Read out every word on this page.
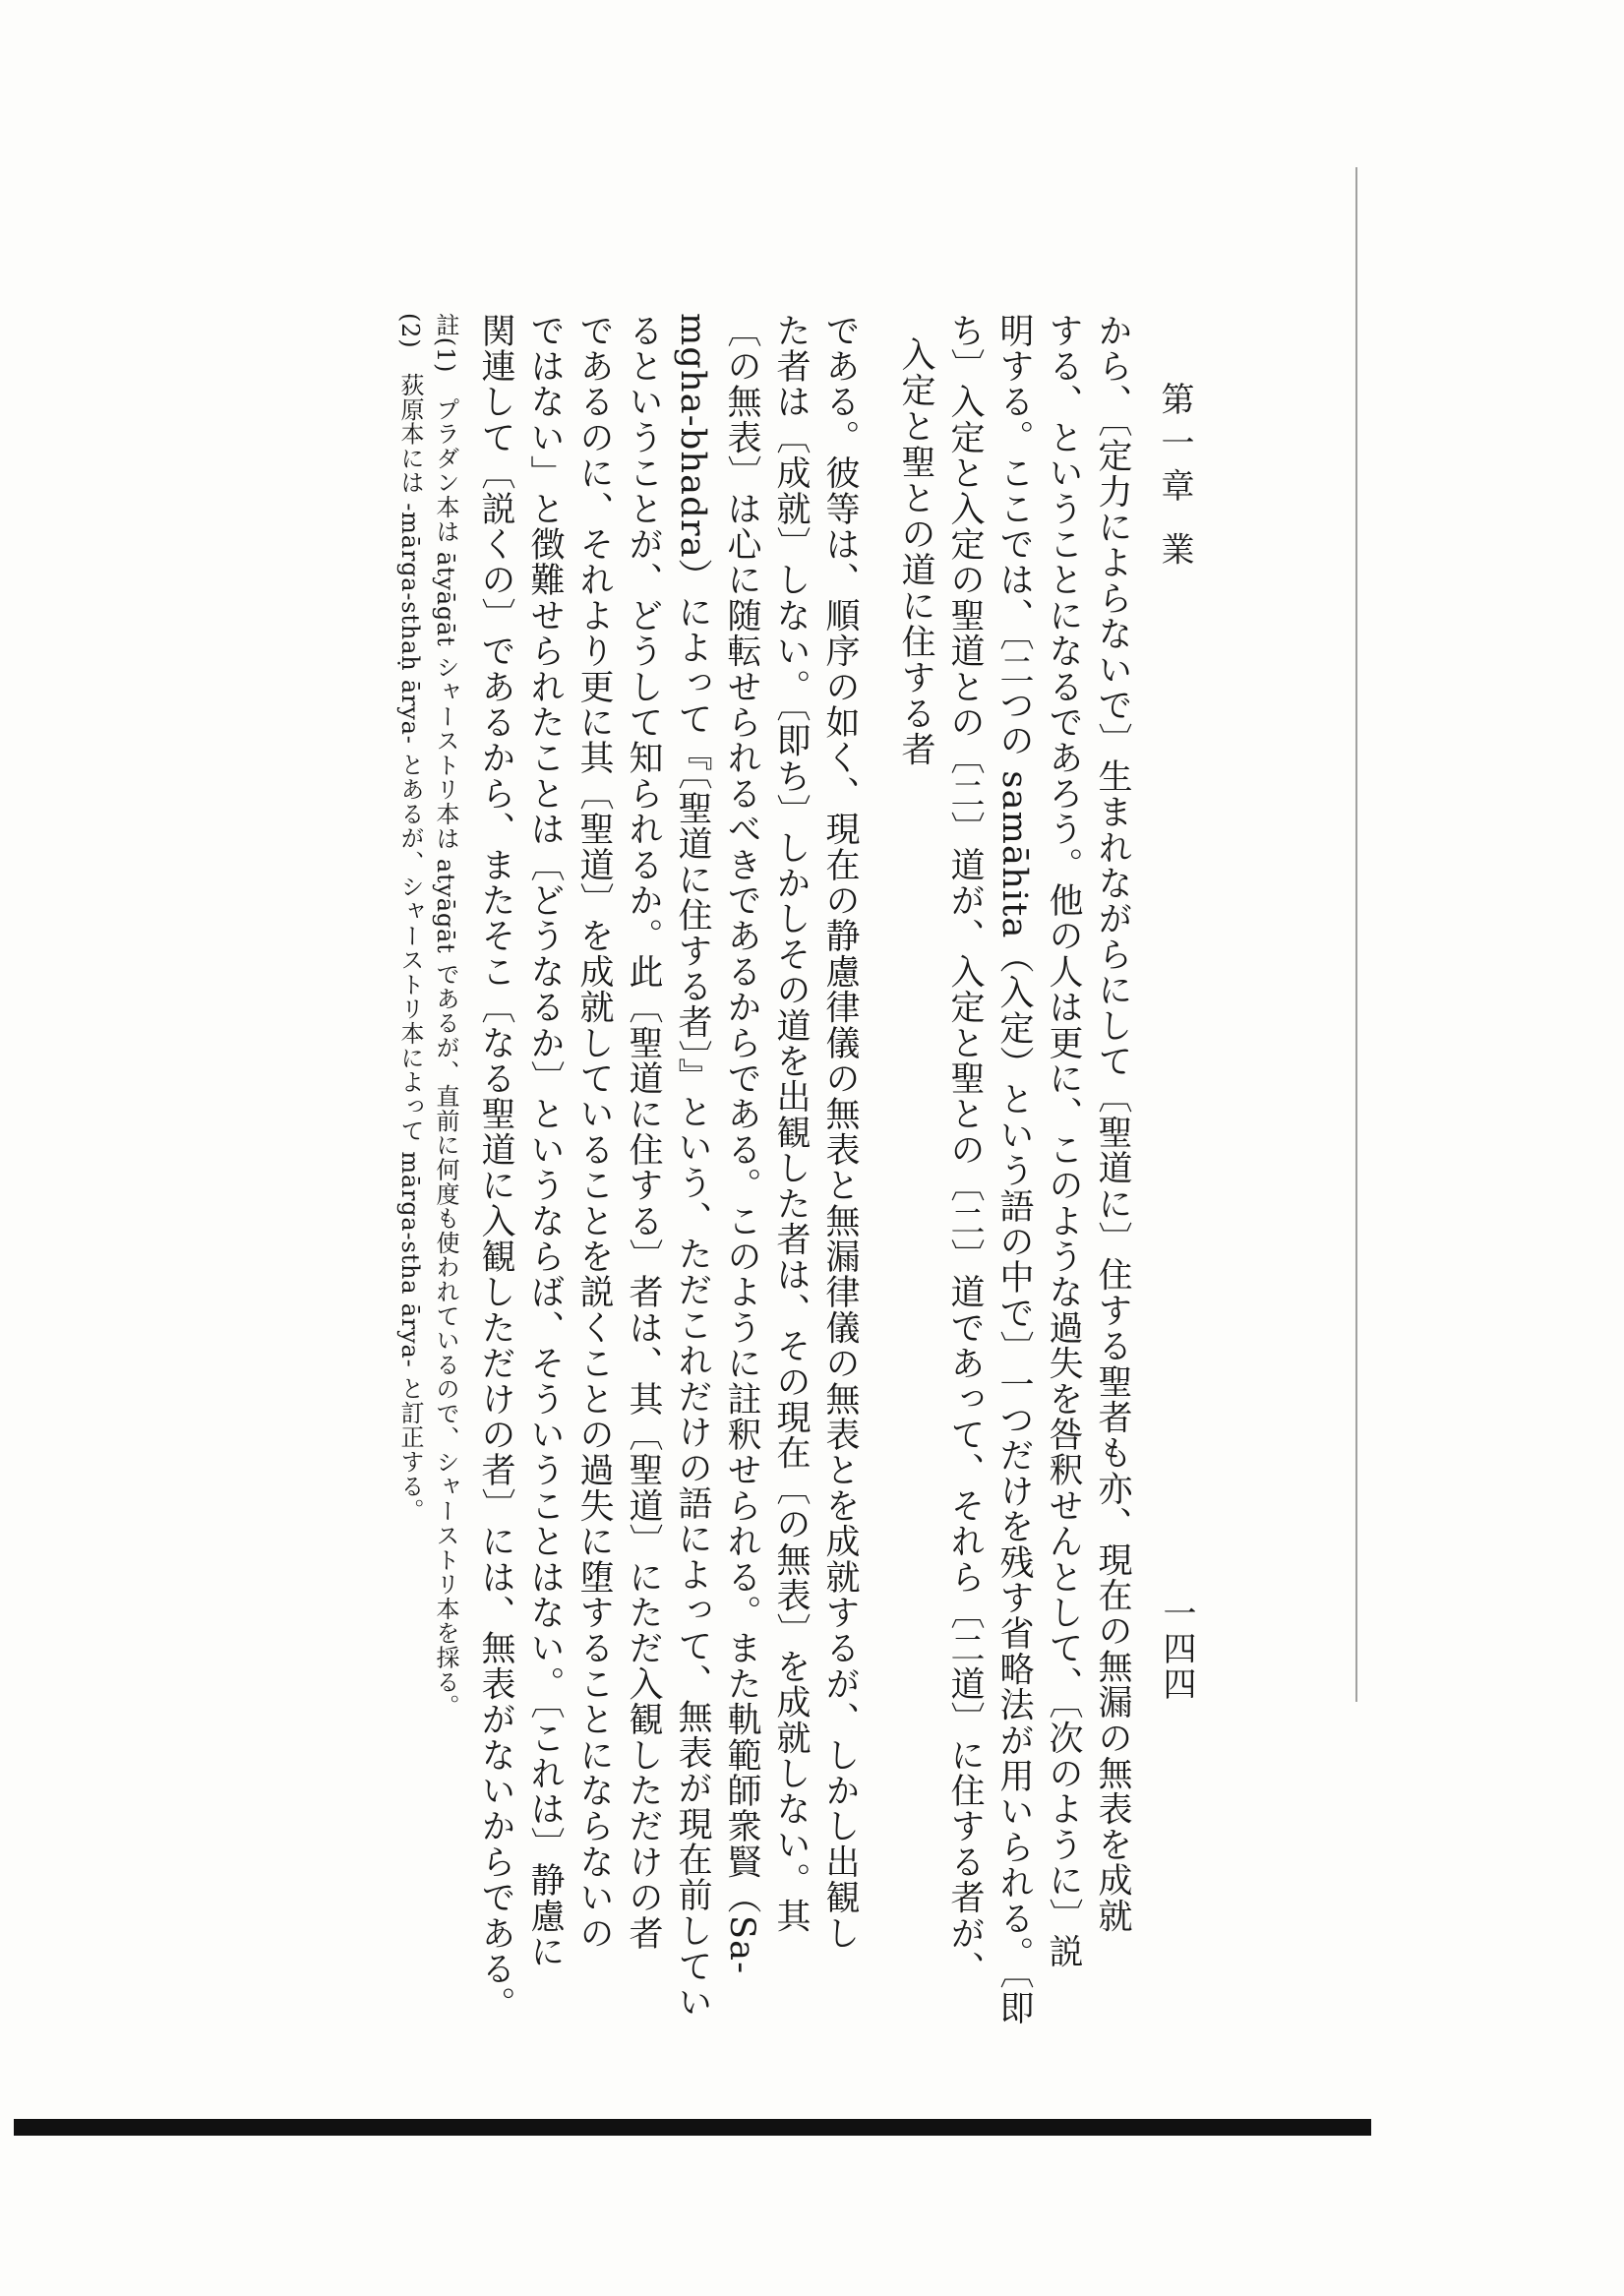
第一章 業
一四四
から、〔定力によらないで〕生まれながらにして〔聖道に〕住する聖者も亦、現在の無漏の無表を成就
する、ということになるであろう。他の人は更に、このような過失を咎釈せんとして、〔次のように〕説
明する。ここでは、〔二つの samāhita（入定）という語の中で〕一つだけを残す省略法が用いられる。〔即
ち〕入定と入定の聖道との〔二〕道が、入定と聖との〔二〕道であって、それら〔二道〕に住する者が、
入定と聖との道に住する者
である。彼等は、順序の如く、現在の静慮律儀の無表と無漏律儀の無表とを成就するが、しかし出観し
た者は〔成就〕しない。〔即ち〕しかしその道を出観した者は、その現在〔の無表〕を成就しない。其
〔の無表〕は心に随転せられるべきであるからである。このように註釈せられる。また軌範師衆賢（Sa-
mgha-bhadra）によって『〔聖道に住する者〕』という、ただこれだけの語によって、無表が現在前してい
るということが、どうして知られるか。此〔聖道に住する〕者は、其〔聖道〕にただ入観しただけの者
であるのに、それより更に其〔聖道〕を成就していることを説くことの過失に堕することにならないの
ではない」と徴難せられたことは〔どうなるか〕というならば、そういうことはない。〔これは〕静慮に
関連して〔説くの〕であるから、またそこ〔なる聖道に入観しただけの者〕には、無表がないからである。
註(1) プラダン本は ātyāgāt シャーストリ本は atyāgāt であるが、直前に何度も使われているので、シャーストリ本を採る。
(2) 荻原本には -mārga-sthaḥ ārya- とあるが、シャーストリ本によって mārga-stha ārya- と訂正する。
